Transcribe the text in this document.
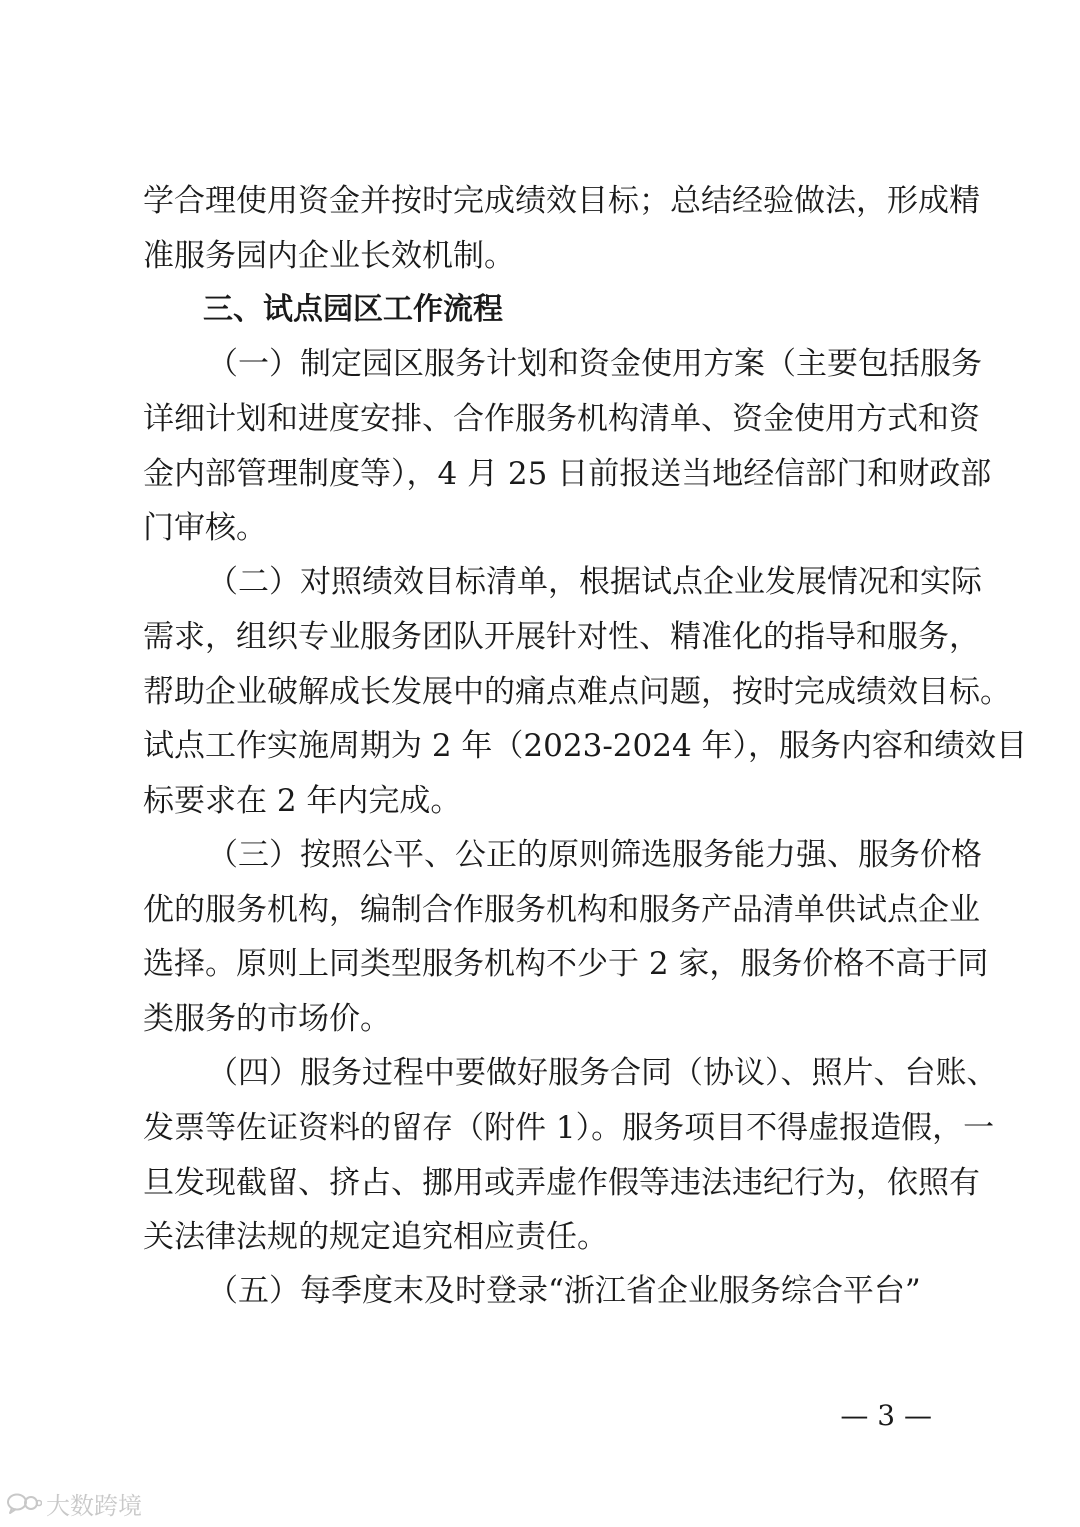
学合理使用资金并按时完成绩效目标；总结经验做法，形成精
准服务园内企业长效机制。
三、试点园区工作流程
（一）制定园区服务计划和资金使用方案（主要包括服务
详细计划和进度安排、合作服务机构清单、资金使用方式和资
金内部管理制度等），4 月 25 日前报送当地经信部门和财政部
门审核。
（二）对照绩效目标清单，根据试点企业发展情况和实际
需求，组织专业服务团队开展针对性、精准化的指导和服务，
帮助企业破解成长发展中的痛点难点问题，按时完成绩效目标。
试点工作实施周期为 2 年（2023-2024 年），服务内容和绩效目
标要求在 2 年内完成。
（三）按照公平、公正的原则筛选服务能力强、服务价格
优的服务机构，编制合作服务机构和服务产品清单供试点企业
选择。原则上同类型服务机构不少于 2 家，服务价格不高于同
类服务的市场价。
（四）服务过程中要做好服务合同（协议）、照片、台账、
发票等佐证资料的留存（附件 1）。服务项目不得虚报造假，一
旦发现截留、挤占、挪用或弄虚作假等违法违纪行为，依照有
关法律法规的规定追究相应责任。
（五）每季度末及时登录“浙江省企业服务综合平台”
— 3 —
大数跨境
